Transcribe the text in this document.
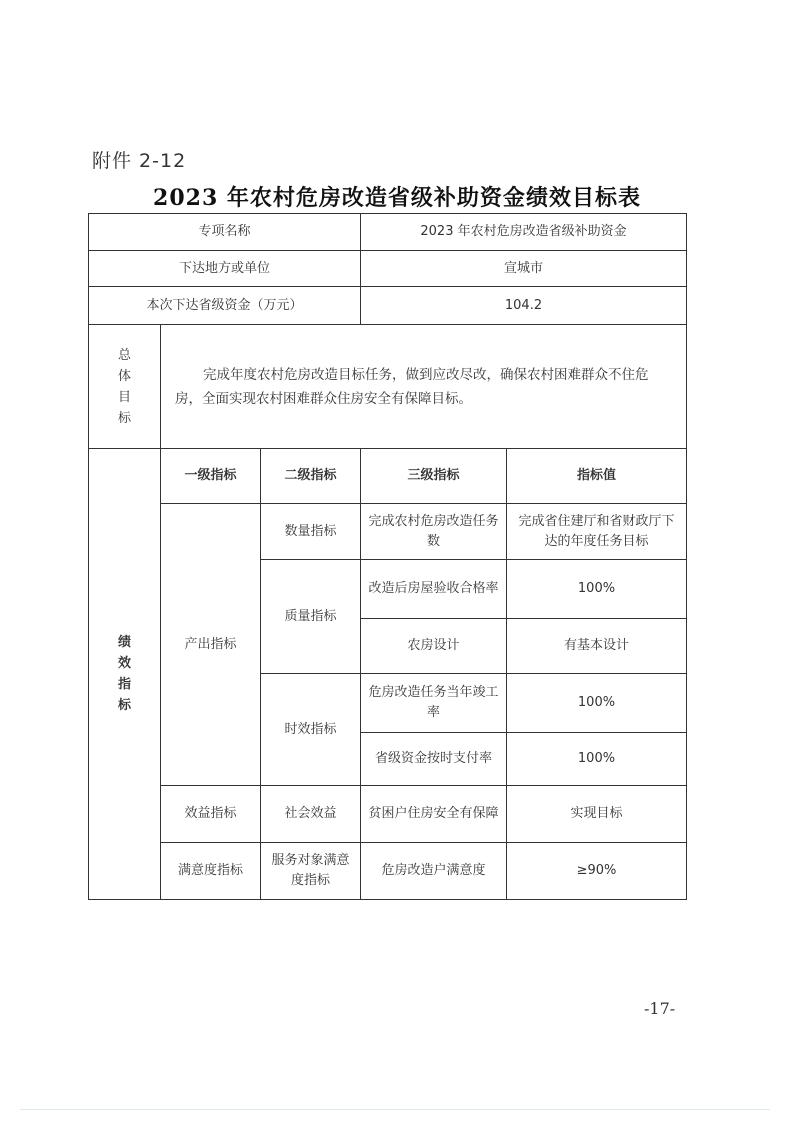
附件 2-12
2023 年农村危房改造省级补助资金绩效目标表
专项名称			2023 年农村危房改造省级补助资金	
下达地方或单位			宣城市	
本次下达省级资金（万元）			104.2	
总体目标	完成年度农村危房改造目标任务，做到应改尽改，确保农村困难群众不住危房，全面实现农村困难群众住房安全有保障目标。			
绩效指标	一级指标	二级指标	三级指标	指标值
	产出指标	数量指标	完成农村危房改造任务数	完成省住建厅和省财政厅下达的年度任务目标
		质量指标	改造后房屋验收合格率	100%
			农房设计	有基本设计
		时效指标	危房改造任务当年竣工率	100%
			省级资金按时支付率	100%
	效益指标	社会效益	贫困户住房安全有保障	实现目标
	满意度指标	服务对象满意度指标	危房改造户满意度	≥90%
-17-
